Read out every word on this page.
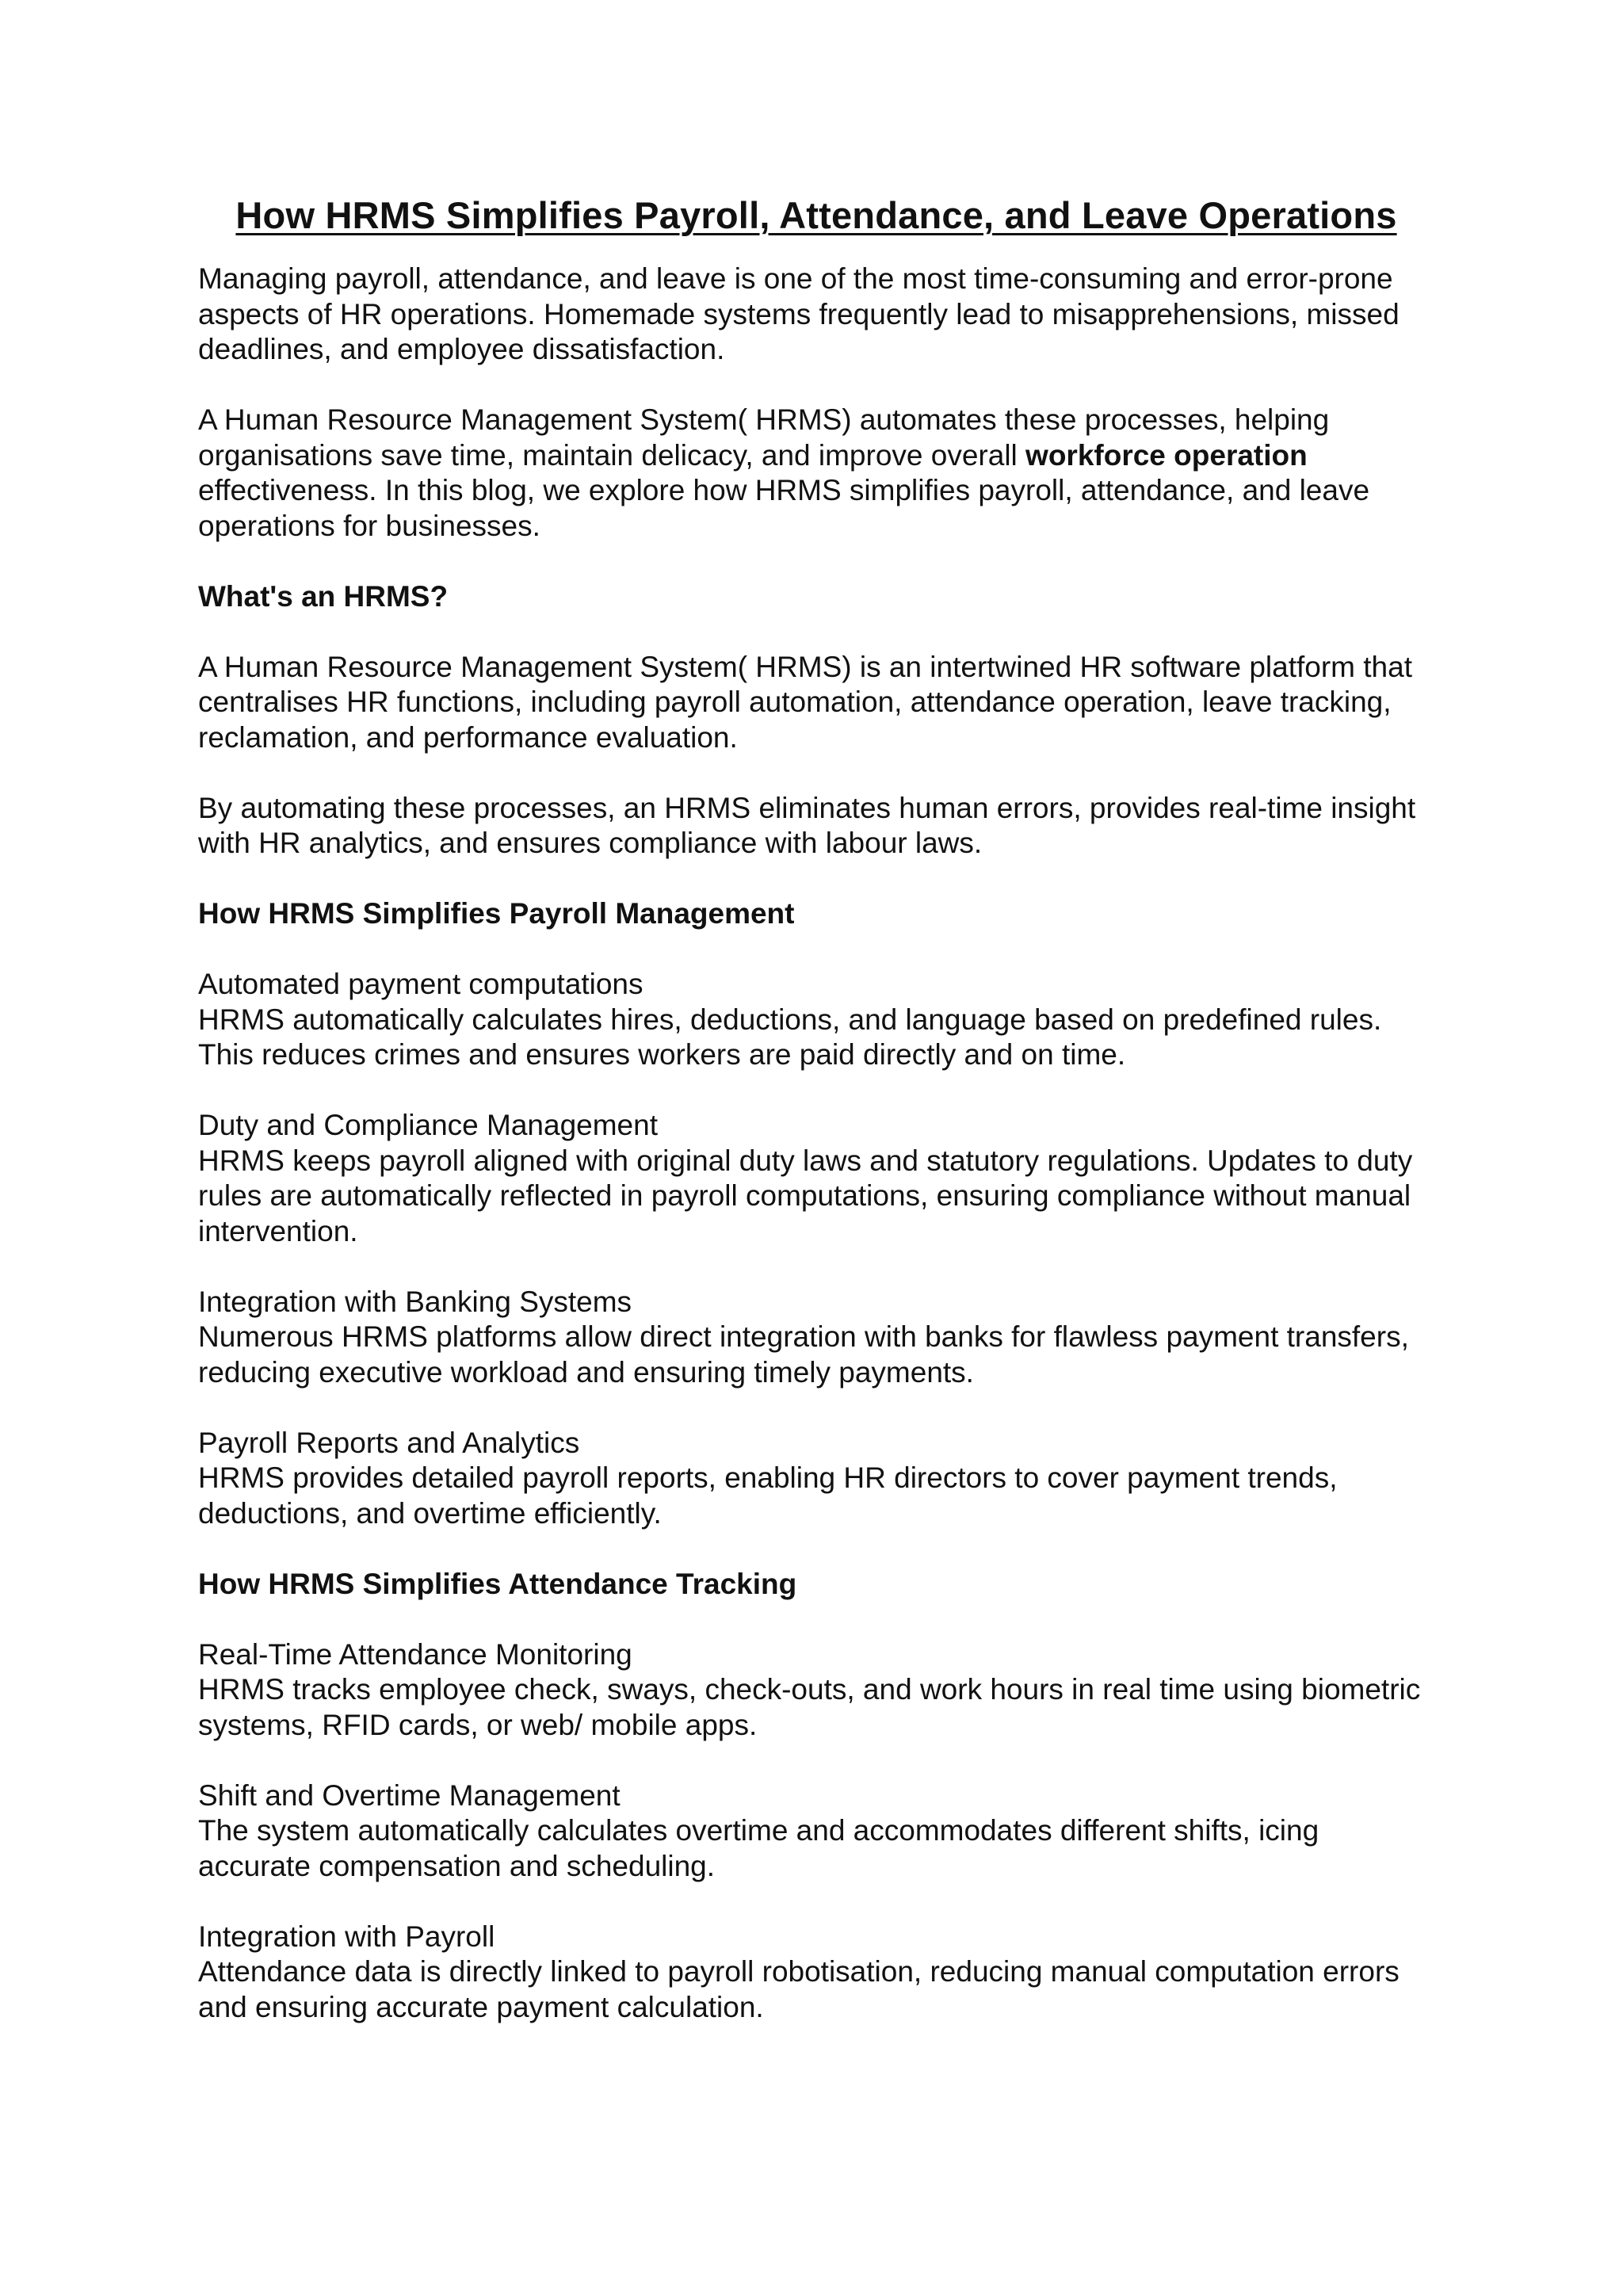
How HRMS Simplifies Payroll, Attendance, and Leave Operations

Managing payroll, attendance, and leave is one of the most time-consuming and error-prone aspects of HR operations. Homemade systems frequently lead to misapprehensions, missed deadlines, and employee dissatisfaction.

A Human Resource Management System( HRMS) automates these processes, helping organisations save time, maintain delicacy, and improve overall workforce operation effectiveness. In this blog, we explore how HRMS simplifies payroll, attendance, and leave operations for businesses.

What's an HRMS?

A Human Resource Management System( HRMS) is an intertwined HR software platform that centralises HR functions, including payroll automation, attendance operation, leave tracking, reclamation, and performance evaluation.

By automating these processes, an HRMS eliminates human errors, provides real-time insight with HR analytics, and ensures compliance with labour laws.

How HRMS Simplifies Payroll Management

Automated payment computations
HRMS automatically calculates hires, deductions, and language based on predefined rules. This reduces crimes and ensures workers are paid directly and on time.

Duty and Compliance Management
HRMS keeps payroll aligned with original duty laws and statutory regulations. Updates to duty rules are automatically reflected in payroll computations, ensuring compliance without manual intervention.

Integration with Banking Systems
Numerous HRMS platforms allow direct integration with banks for flawless payment transfers, reducing executive workload and ensuring timely payments.

Payroll Reports and Analytics
HRMS provides detailed payroll reports, enabling HR directors to cover payment trends, deductions, and overtime efficiently.

How HRMS Simplifies Attendance Tracking

Real-Time Attendance Monitoring
HRMS tracks employee check, sways, check-outs, and work hours in real time using biometric systems, RFID cards, or web/ mobile apps.

Shift and Overtime Management
The system automatically calculates overtime and accommodates different shifts, icing accurate compensation and scheduling.

Integration with Payroll
Attendance data is directly linked to payroll robotisation, reducing manual computation errors and ensuring accurate payment calculation.
